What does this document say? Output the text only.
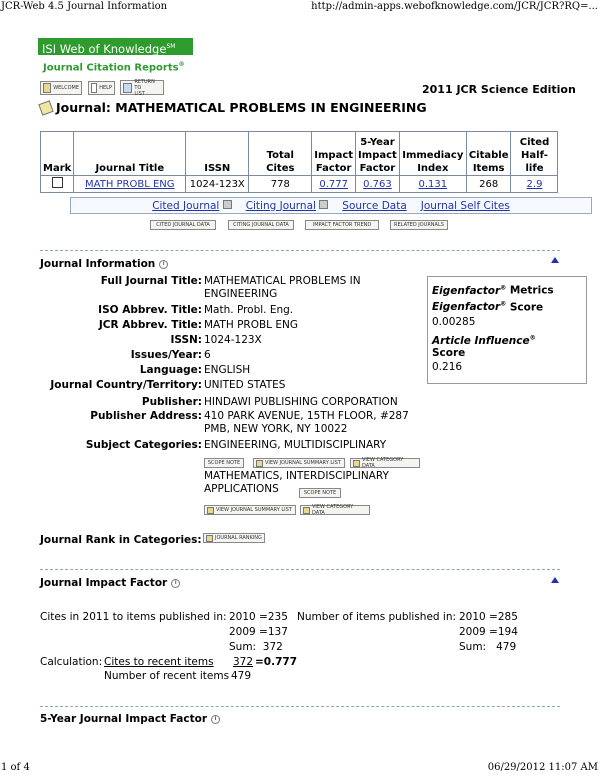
JCR-Web 4.5 Journal Information	http://admin-apps.webofknowledge.com/JCR/JCR?RQ=...
1 of 4	06/29/2012 11:07 AM
ISI Web of Knowledge℠
Journal Citation Reports®
WELCOME	HELP
RETURN TO
LIST	2011 JCR Science Edition
Journal: MATHEMATICAL PROBLEMS IN ENGINEERING
Mark	Journal Title	ISSN	Total Cites	Impact Factor	5-Year Impact Factor	Immediacy Index	Citable Items	Cited Half-life
	MATH PROBL ENG	1024-123X	778	0.777	0.763	0.131	268	2.9
Cited Journal	Citing Journal	Source Data Journal Self Cites
CITED JOURNAL DATA	CITING JOURNAL DATA	IMPACT FACTOR TREND	RELATED JOURNALS
Journal Information	i
Full Journal Title: MATHEMATICAL PROBLEMS IN ENGINEERING
ISO Abbrev. Title: Math. Probl. Eng.
JCR Abbrev. Title: MATH PROBL ENG
ISSN: 1024-123X
Issues/Year: 6
Language: ENGLISH
Journal Country/Territory: UNITED STATES
Publisher: HINDAWI PUBLISHING CORPORATION
Publisher Address: 410 PARK AVENUE, 15TH FLOOR, #287 PMB, NEW YORK, NY 10022
Subject Categories: ENGINEERING, MULTIDISCIPLINARY
SCOPE NOTE	VIEW JOURNAL SUMMARY LIST	VIEW CATEGORY DATA
MATHEMATICS, INTERDISCIPLINARY APPLICATIONS	SCOPE NOTE
VIEW JOURNAL SUMMARY LIST	VIEW CATEGORY DATA
Eigenfactor® Metrics
Eigenfactor® Score
0.00285
Article Influence®
Score
0.216
Journal Rank in Categories:	JOURNAL RANKING
Journal Impact Factor	i
Cites in 2011 to items published in: 2010 =235
2009 =137
Sum:  372
Number of items published in: 2010 =285
2009 =194
Sum:   479
Calculation: Cites to recent items 372 =0.777
Number of recent items 479
5-Year Journal Impact Factor	i
